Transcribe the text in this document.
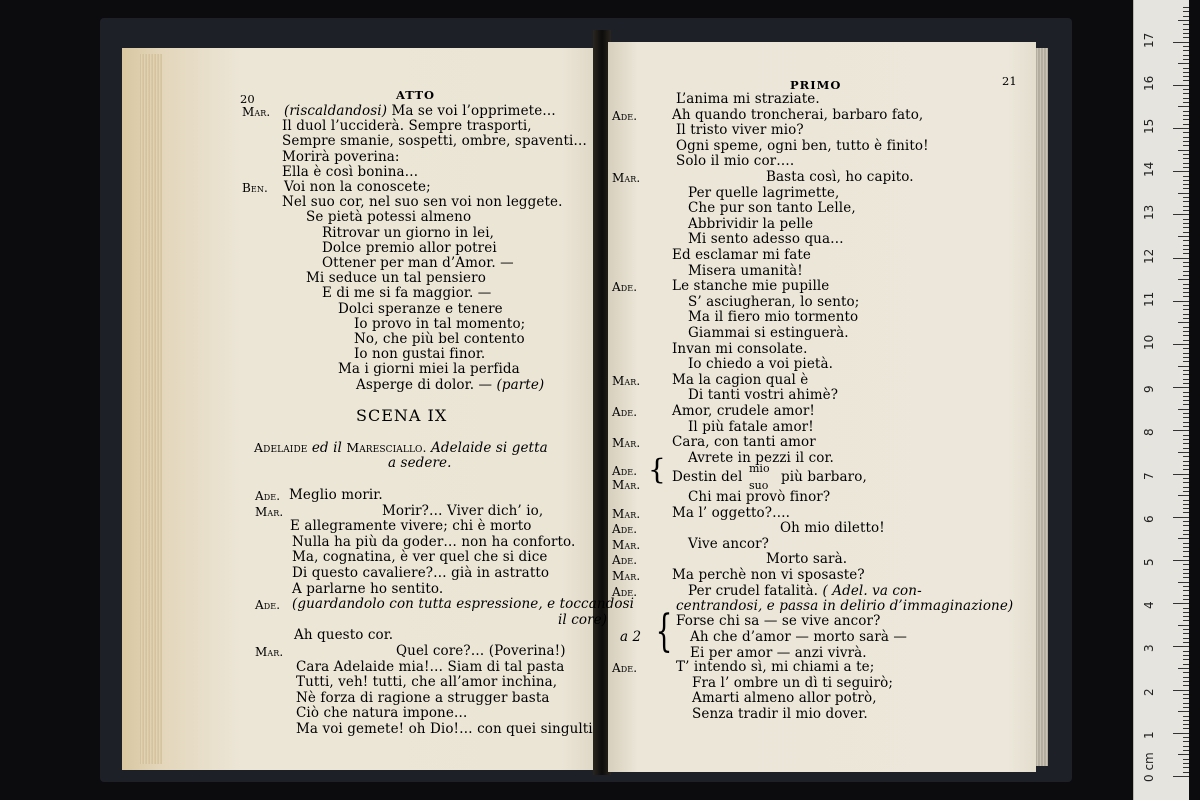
20	ATTO
Mar. (riscaldandosi) Ma se voi l’opprimete…
Il duol l’ucciderà. Sempre trasporti,
Sempre smanie, sospetti, ombre, spaventi…
Morirà poverina:
Ella è così bonina…
Ben. Voi non la conoscete;
Nel suo cor, nel suo sen voi non leggete.
Se pietà potessi almeno
Ritrovar un giorno in lei,
Dolce premio allor potrei
Ottener per man d’Amor. —
Mi seduce un tal pensiero
E di me si fa maggior. —
Dolci speranze e tenere
Io provo in tal momento;
No, che più bel contento
Io non gustai finor.
Ma i giorni miei la perfida
Asperge di dolor. — (parte)
SCENA IX
Adelaide ed il Maresciallo. Adelaide si getta
a sedere.
Ade. Meglio morir.
Mar.	Morir?… Viver dich’ io,
E allegramente vivere; chi è morto
Nulla ha più da goder… non ha conforto.
Ma, cognatina, è ver quel che si dice
Di questo cavaliere?… già in astratto
A parlarne ho sentito.
Ade. (guardandolo con tutta espressione, e toccandosi
il core)
Ah questo cor.
Mar.	Quel core?… (Poverina!)
Cara Adelaide mia!… Siam di tal pasta
Tutti, veh! tutti, che all’amor inchina,
Nè forza di ragione a strugger basta
Ciò che natura impone…
Ma voi gemete! oh Dio!… con quei singulti
PRIMO	21
L’anima mi straziate.
Ade.	Ah quando troncherai, barbaro fato,
Il tristo viver mio?
Ogni speme, ogni ben, tutto è finito!
Solo il mio cor….
Mar.	Basta così, ho capito.
Per quelle lagrimette,
Che pur son tanto Lelle,
Abbrividir la pelle
Mi sento adesso qua…
Ed esclamar mi fate
Misera umanità!
Ade.	Le stanche mie pupille
S’ asciugheran, lo sento;
Ma il fiero mio tormento
Giammai si estinguerà.
Invan mi consolate.
Io chiedo a voi pietà.
Mar. Ma la cagion qual è
Di tanti vostri ahimè?
Ade.	Amor, crudele amor!
Il più fatale amor!
Mar. Cara, con tanti amor
Avrete in pezzi il cor.
Ade.
Mar. { Destin del
mio
suo
più barbaro,
Chi mai provò finor?
Mar. Ma l’ oggetto?….
Ade.	Oh mio diletto!
Mar.	Vive ancor?
Ade.	Morto sarà.
Mar. Ma perchè non vi sposaste?
Ade.	Per crudel fatalità. ( Adel. va con-
centrandosi, e passa in delirio d’immaginazione)
a 2 { Forse chi sa — se vive ancor?
Ah che d’amor — morto sarà —
Ei per amor — anzi vivrà.
Ade.	T’ intendo sì, mi chiami a te;
Fra l’ ombre un dì ti seguirò;
Amarti almeno allor potrò,
Senza tradir il mio dover.
17
16
15
14
13
12
11
10
9
8
7
6
5
4
3
2
1
0 cm
